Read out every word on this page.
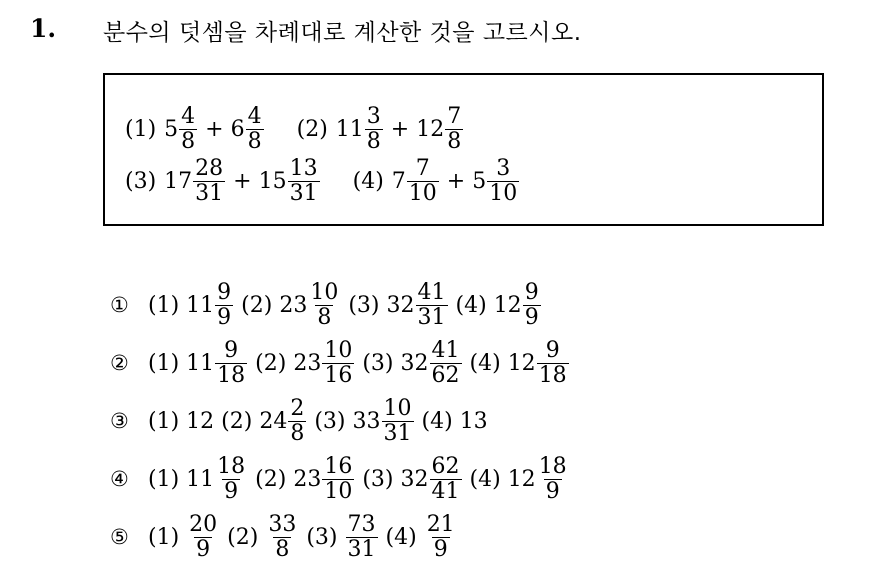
1. 분수의 덧셈을 차례대로 계산한 것을 고르시오.
(1) $5 \frac{4}{8} + 6 \frac{4}{8} (2)$ $11 \frac{3}{8} + 12 \frac{7}{8}$
(3) $17 \frac{28}{31} + 15 \frac{13}{31} (4)$ $7 \frac{7}{10} + 5 \frac{3}{10}$
① (1) $11 \frac{9}{9} (2)$ $23 \frac{10}{8} (3)$ $32 \frac{41}{31} (4)$ $12 \frac{9}{9}$
② (1) $11 \frac{9}{18} (2)$ $23 \frac{10}{16} (3)$ $32 \frac{41}{62} (4)$ $12 \frac{9}{18}$
③ (1) 12 (2) $24 \frac{2}{8} (3)$ $33 \frac{10}{31} (4)$ 13
④ (1) $11 \frac{18}{9} (2)$ $23 \frac{16}{10} (3)$ $32 \frac{62}{41} (4)$ $12 \frac{18}{9}$
⑤ $(1) \frac{20}{9} (2) \frac{33}{8} (3) \frac{73}{31} (4) \frac{21}{9}$
